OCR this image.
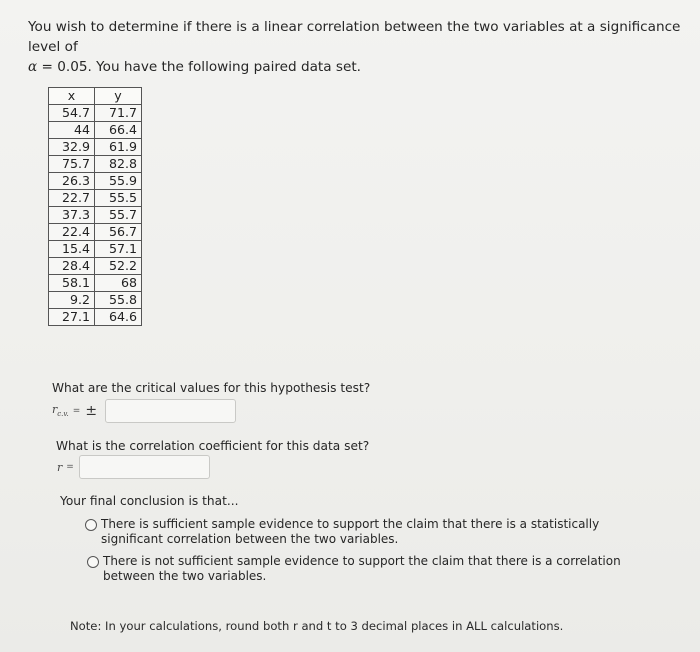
You wish to determine if there is a linear correlation between the two variables at a significance level of
α = 0.05. You have the following paired data set.
x	y
54.7	71.7
44	66.4
32.9	61.9
75.7	82.8
26.3	55.9
22.7	55.5
37.3	55.7
22.4	56.7
15.4	57.1
28.4	52.2
58.1	68
9.2	55.8
27.1	64.6
What are the critical values for this hypothesis test?
$r_{c.v.}$ = ±
What is the correlation coefficient for this data set?
r =
Your final conclusion is that...
There is sufficient sample evidence to support the claim that there is a statistically significant correlation between the two variables.
There is not sufficient sample evidence to support the claim that there is a correlation between the two variables.
Note: In your calculations, round both r and t to 3 decimal places in ALL calculations.
